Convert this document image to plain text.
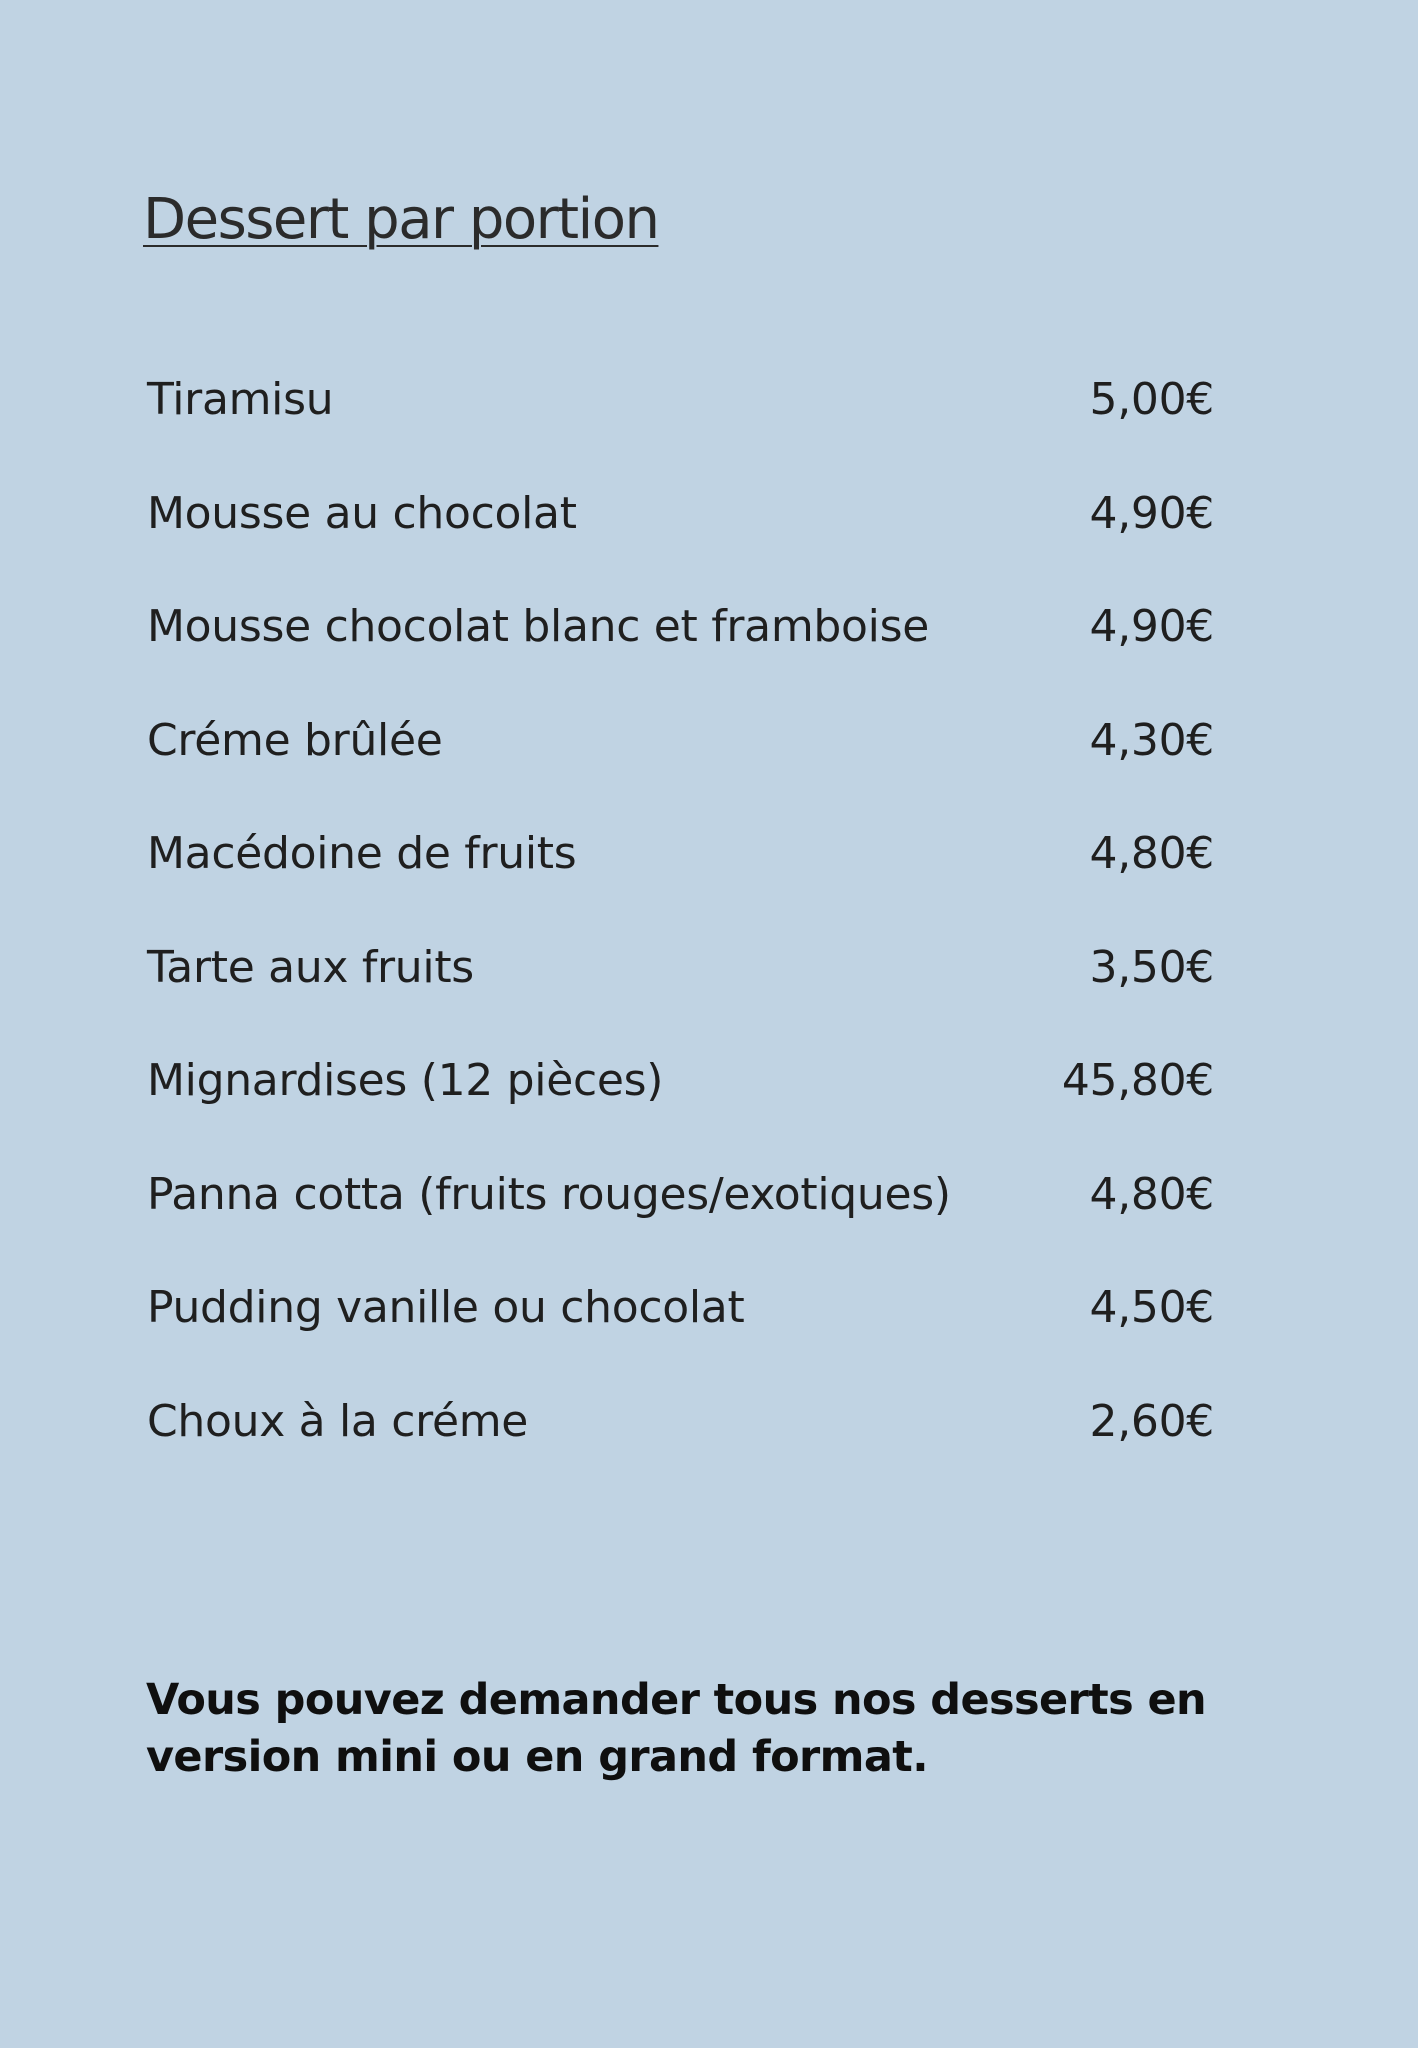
Dessert par portion
Tiramisu	5,00€
Mousse au chocolat	4,90€
Mousse chocolat blanc et framboise	4,90€
Créme brûlée	4,30€
Macédoine de fruits	4,80€
Tarte aux fruits	3,50€
Mignardises (12 pièces)	45,80€
Panna cotta (fruits rouges/exotiques)	4,80€
Pudding vanille ou chocolat	4,50€
Choux à la créme	2,60€

Vous pouvez demander tous nos desserts en
version mini ou en grand format.
